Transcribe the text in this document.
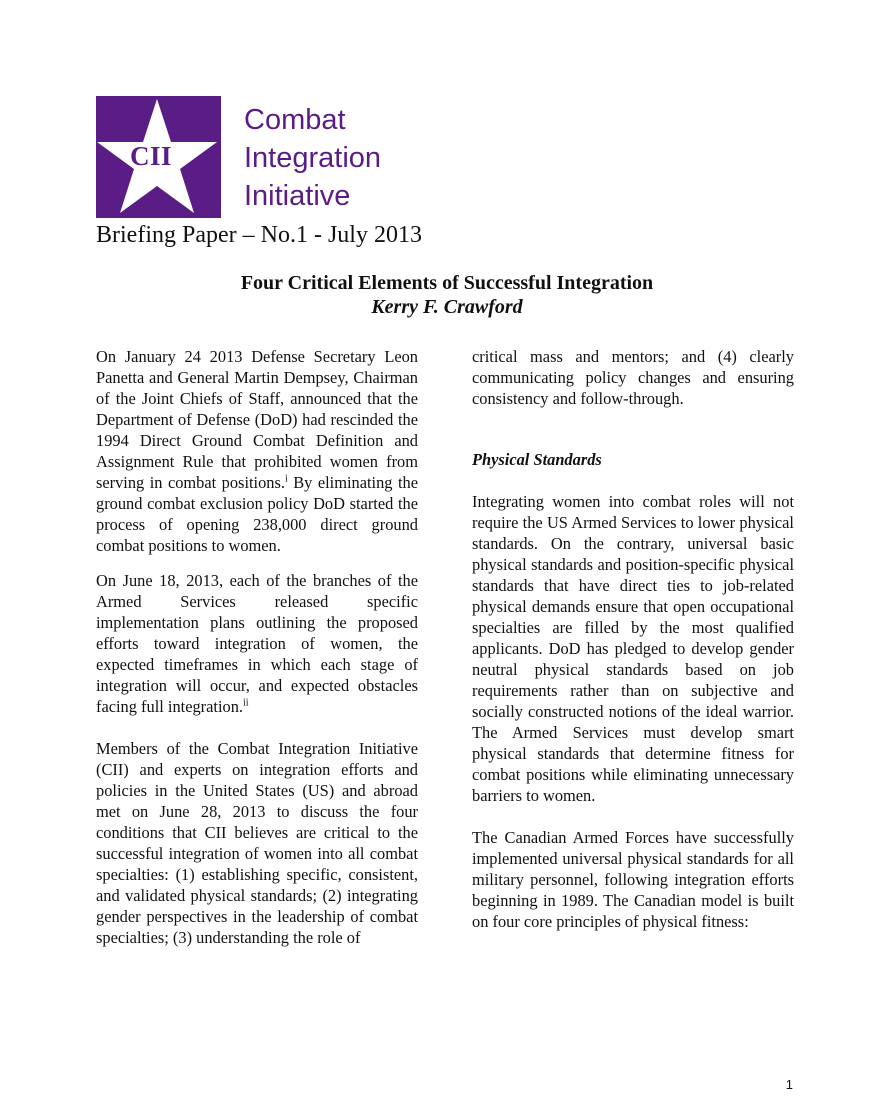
CII
Combat
Integration
Initiative
Briefing Paper – No.1 - July 2013
Four Critical Elements of Successful Integration
Kerry F. Crawford

On January 24 2013 Defense Secretary Leon Panetta and General Martin Dempsey, Chairman of the Joint Chiefs of Staff, announced that the Department of Defense (DoD) had rescinded the 1994 Direct Ground Combat Definition and Assignment Rule that prohibited women from serving in combat positions.$^i$ By eliminating the ground combat exclusion policy DoD started the process of opening 238,000 direct ground combat positions to women.

On June 18, 2013, each of the branches of the Armed Services released specific implementation plans outlining the proposed efforts toward integration of women, the expected timeframes in which each stage of integration will occur, and expected obstacles facing full integration.$^{ii}$

Members of the Combat Integration Initiative (CII) and experts on integration efforts and policies in the United States (US) and abroad met on June 28, 2013 to discuss the four conditions that CII believes are critical to the successful integration of women into all combat specialties: (1) establishing specific, consistent, and validated physical standards; (2) integrating gender perspectives in the leadership of combat specialties; (3) understanding the role of

critical mass and mentors; and (4) clearly communicating policy changes and ensuring consistency and follow-through.

Physical Standards

Integrating women into combat roles will not require the US Armed Services to lower physical standards. On the contrary, universal basic physical standards and position-specific physical standards that have direct ties to job-related physical demands ensure that open occupational specialties are filled by the most qualified applicants. DoD has pledged to develop gender neutral physical standards based on job requirements rather than on subjective and socially constructed notions of the ideal warrior. The Armed Services must develop smart physical standards that determine fitness for combat positions while eliminating unnecessary barriers to women.

The Canadian Armed Forces have successfully implemented universal physical standards for all military personnel, following integration efforts beginning in 1989. The Canadian model is built on four core principles of physical fitness:

1
